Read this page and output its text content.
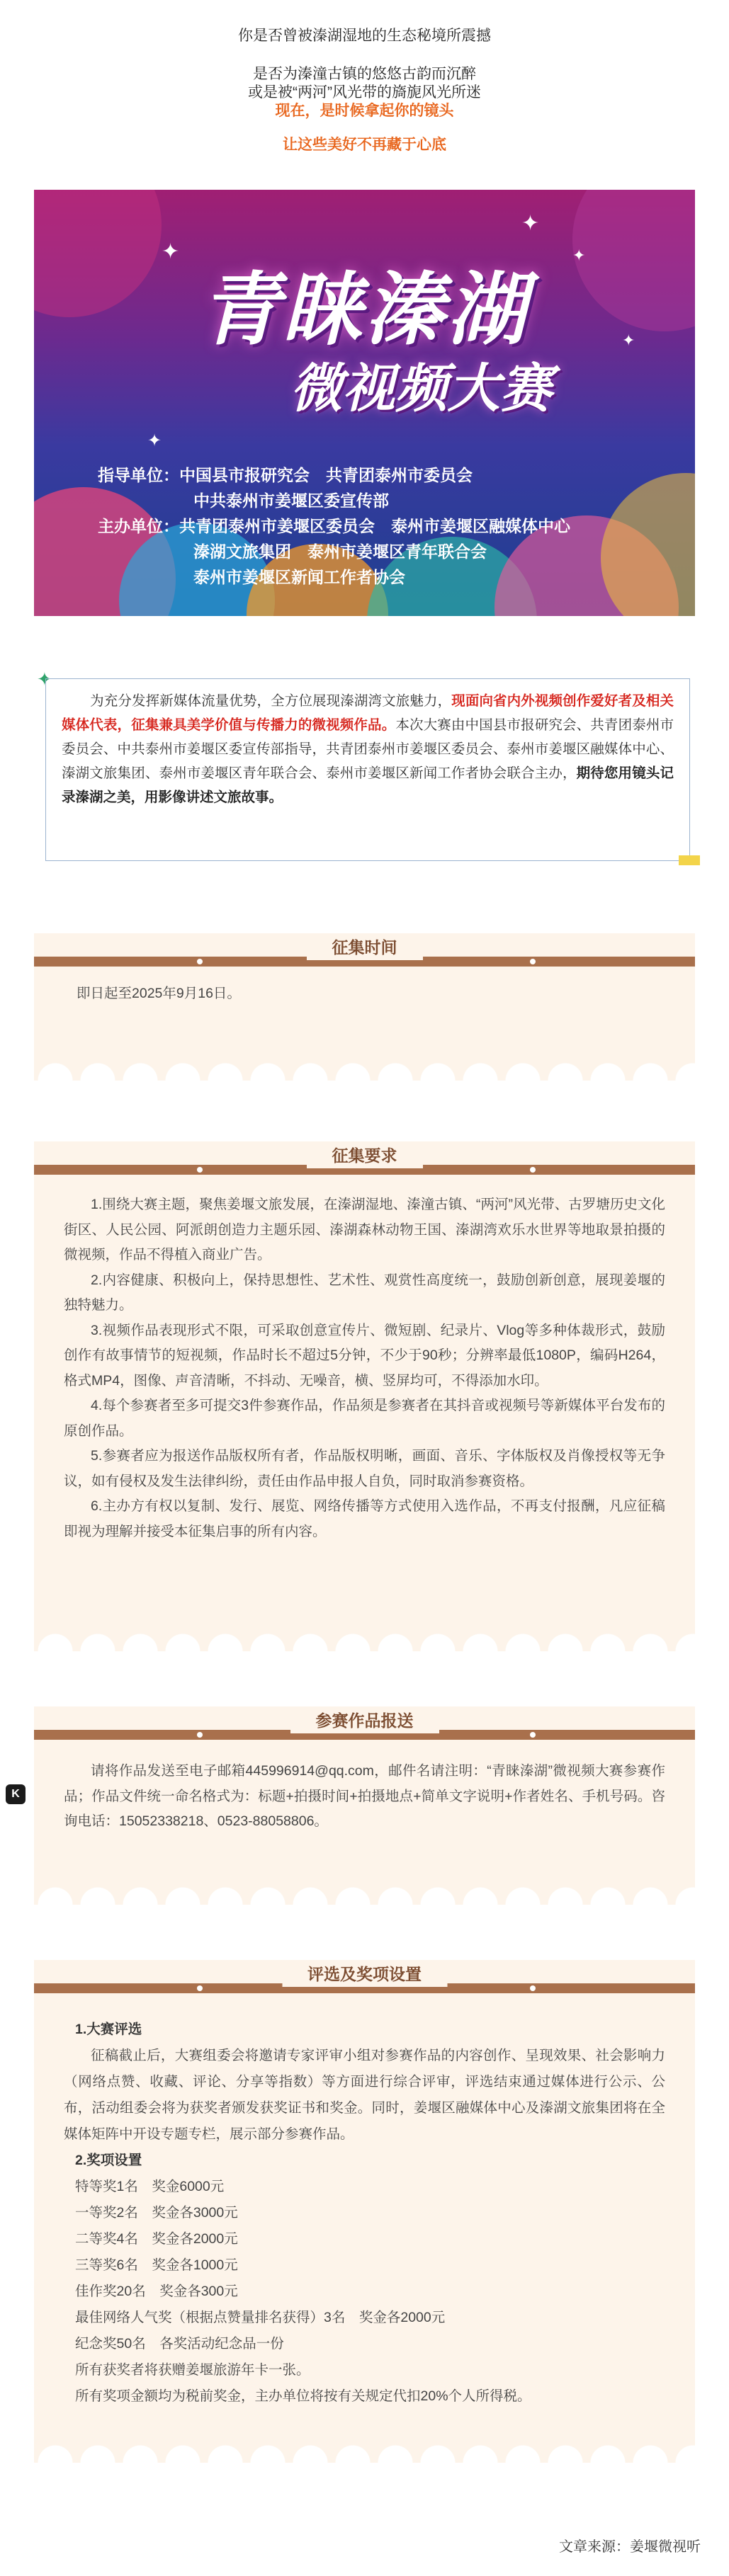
你是否曾被溱湖湿地的生态秘境所震撼

是否为溱潼古镇的悠悠古韵而沉醉

或是被“两河”风光带的旖旎风光所迷

现在，是时候拿起你的镜头

让这些美好不再藏于心底

✦
✦
✦
✦
✦
青睐溱湖
微视频大赛
指导单位：中国县市报研究会　共青团泰州市委员会
中共泰州市姜堰区委宣传部
主办单位：共青团泰州市姜堰区委员会　泰州市姜堰区融媒体中心
溱湖文旅集团　泰州市姜堰区青年联合会
泰州市姜堰区新闻工作者协会
✦
为充分发挥新媒体流量优势，全方位展现溱湖湾文旅魅力，现面向省内外视频创作爱好者及相关媒体代表，征集兼具美学价值与传播力的微视频作品。本次大赛由中国县市报研究会、共青团泰州市委员会、中共泰州市姜堰区委宣传部指导，共青团泰州市姜堰区委员会、泰州市姜堰区融媒体中心、溱湖文旅集团、泰州市姜堰区青年联合会、泰州市姜堰区新闻工作者协会联合主办，期待您用镜头记录溱湖之美，用影像讲述文旅故事。
征集时间

即日起至2025年9月16日。

征集要求

1.围绕大赛主题，聚焦姜堰文旅发展，在溱湖湿地、溱潼古镇、“两河”风光带、古罗塘历史文化街区、人民公园、阿派朗创造力主题乐园、溱湖森林动物王国、溱湖湾欢乐水世界等地取景拍摄的微视频，作品不得植入商业广告。

2.内容健康、积极向上，保持思想性、艺术性、观赏性高度统一，鼓励创新创意，展现姜堰的独特魅力。

3.视频作品表现形式不限，可采取创意宣传片、微短剧、纪录片、Vlog等多种体裁形式，鼓励创作有故事情节的短视频，作品时长不超过5分钟，不少于90秒；分辨率最低1080P，编码H264，格式MP4，图像、声音清晰，不抖动、无噪音，横、竖屏均可，不得添加水印。

4.每个参赛者至多可提交3件参赛作品，作品须是参赛者在其抖音或视频号等新媒体平台发布的原创作品。

5.参赛者应为报送作品版权所有者，作品版权明晰，画面、音乐、字体版权及肖像授权等无争议，如有侵权及发生法律纠纷，责任由作品申报人自负，同时取消参赛资格。

6.主办方有权以复制、发行、展览、网络传播等方式使用入选作品，不再支付报酬，凡应征稿即视为理解并接受本征集启事的所有内容。

参赛作品报送

请将作品发送至电子邮箱445996914@qq.com，邮件名请注明：“青睐溱湖”微视频大赛参赛作品；作品文件统一命名格式为：标题+拍摄时间+拍摄地点+简单文字说明+作者姓名、手机号码。咨询电话：15052338218、0523-88058806。

K
评选及奖项设置

1.大赛评选

征稿截止后，大赛组委会将邀请专家评审小组对参赛作品的内容创作、呈现效果、社会影响力（网络点赞、收藏、评论、分享等指数）等方面进行综合评审，评选结束通过媒体进行公示、公布，活动组委会将为获奖者颁发获奖证书和奖金。同时，姜堰区融媒体中心及溱湖文旅集团将在全媒体矩阵中开设专题专栏，展示部分参赛作品。

2.奖项设置

特等奖1名　奖金6000元

一等奖2名　奖金各3000元

二等奖4名　奖金各2000元

三等奖6名　奖金各1000元

佳作奖20名　奖金各300元

最佳网络人气奖（根据点赞量排名获得）3名　奖金各2000元

纪念奖50名　各奖活动纪念品一份

所有获奖者将获赠姜堰旅游年卡一张。

所有奖项金额均为税前奖金，主办单位将按有关规定代扣20%个人所得税。

文章来源：姜堰微视听
